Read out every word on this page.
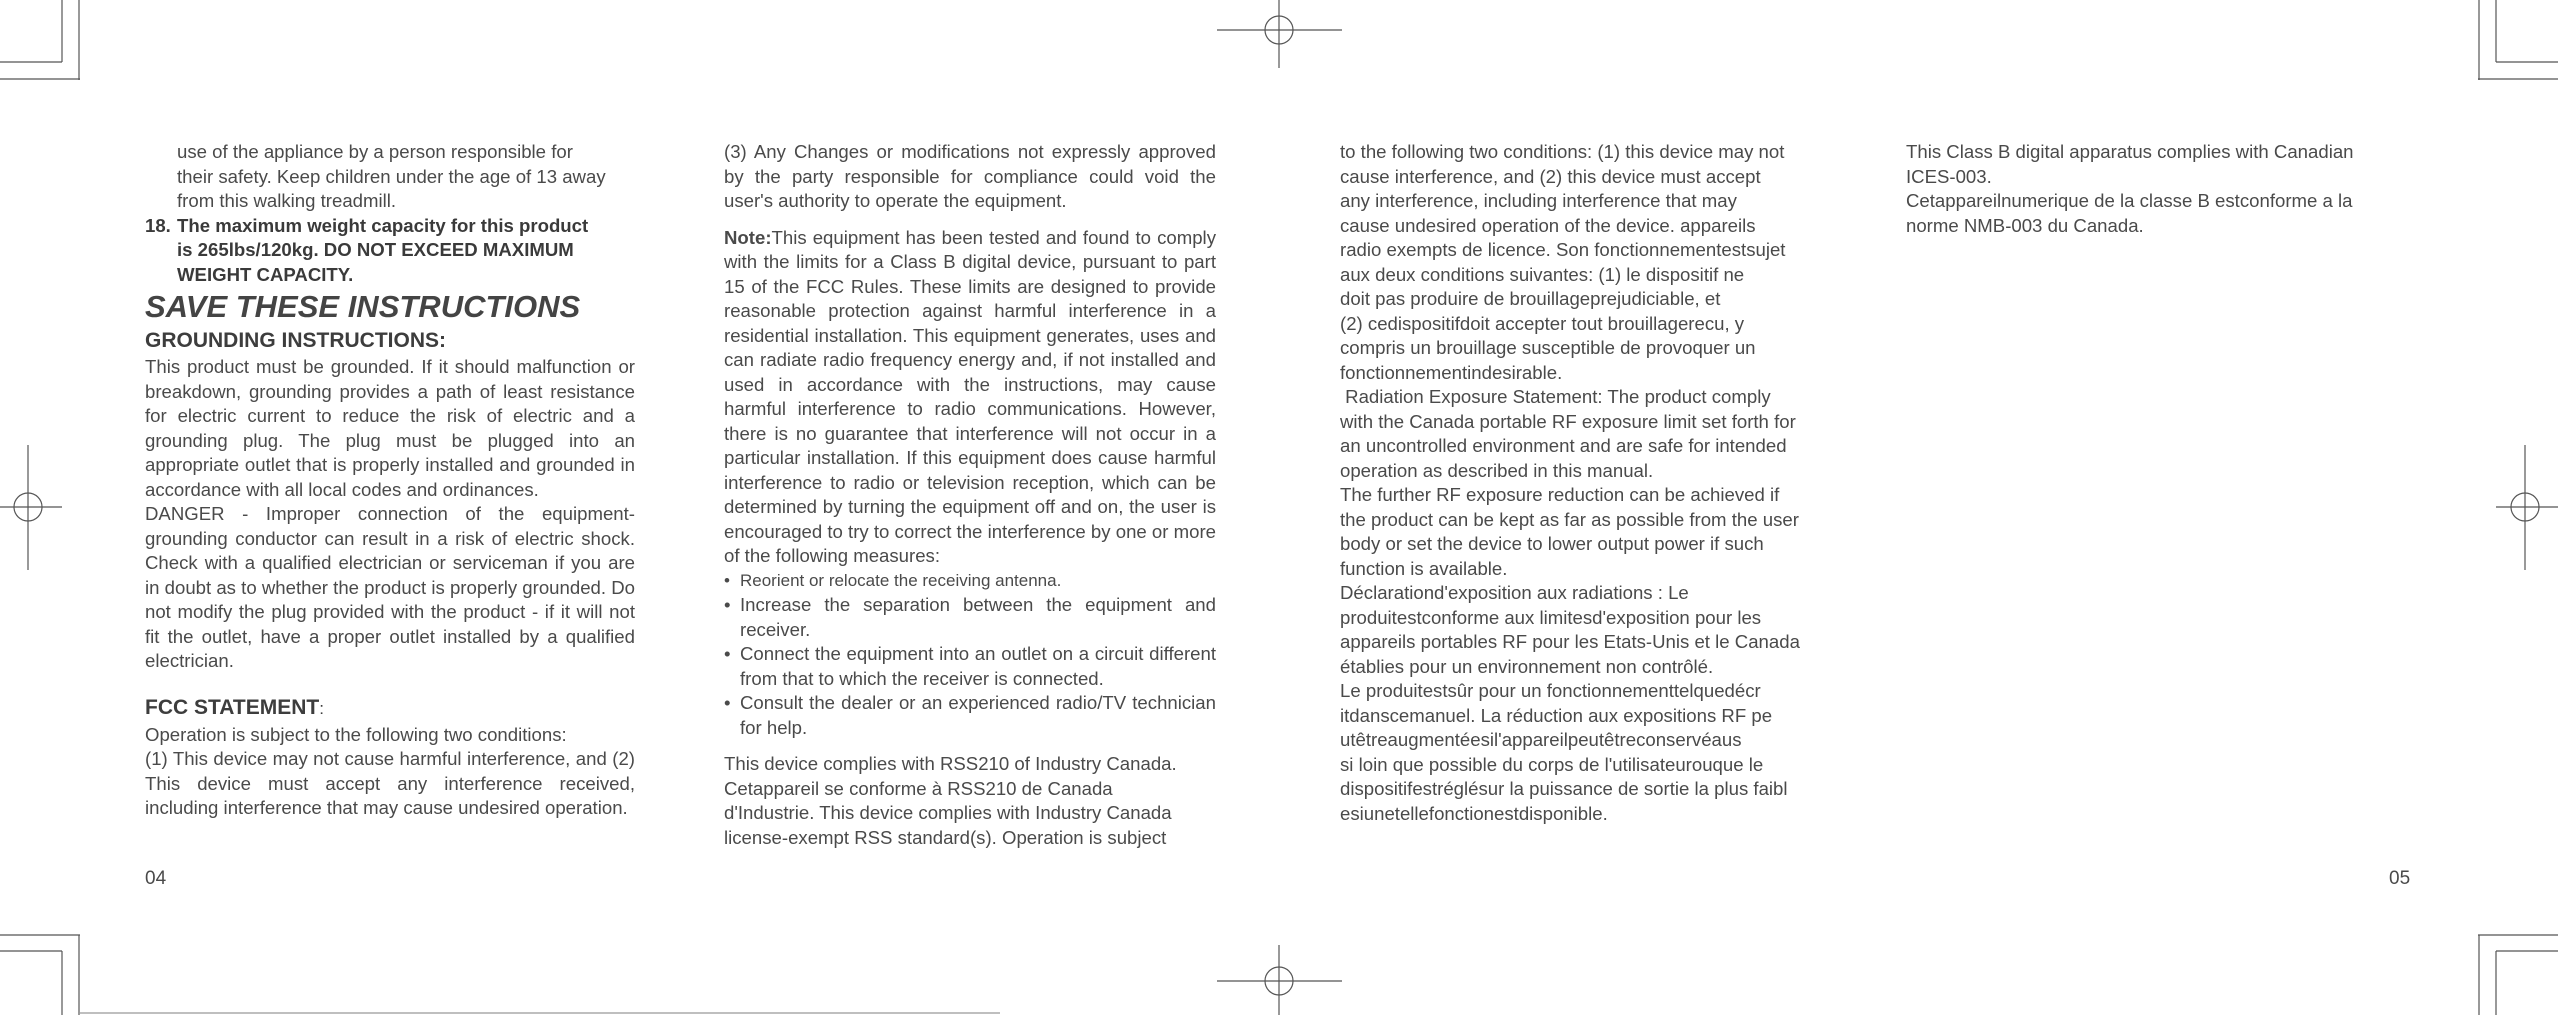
use of the appliance by a person responsible for

their safety. Keep children under the age of 13 away

from this walking treadmill.

18. The maximum weight capacity for this product
is 265lbs/120kg. DO NOT EXCEED MAXIMUM
WEIGHT CAPACITY.

SAVE THESE INSTRUCTIONS

GROUNDING INSTRUCTIONS:

This product must be grounded. If it should malfunction or breakdown, grounding provides a path of least resistance for electric current to reduce the risk of electric and a grounding plug. The plug must be plugged into an appropriate outlet that is properly installed and grounded in accordance with all local codes and ordinances.

DANGER - Improper connection of the equipment-grounding conductor can result in a risk of electric shock. Check with a qualified electrician or serviceman if you are in doubt as to whether the product is properly grounded. Do not modify the plug provided with the product - if it will not fit the outlet, have a proper outlet installed by a qualified electrician.

FCC STATEMENT:

Operation is subject to the following two conditions:

(1) This device may not cause harmful interference, and (2) This device must accept any interference received, including interference that may cause undesired operation.

(3) Any Changes or modifications not expressly approved by the party responsible for compliance could void the user's authority to operate the equipment.

Note:This equipment has been tested and found to comply with the limits for a Class B digital device, pursuant to part 15 of the FCC Rules. These limits are designed to provide reasonable protection against harmful interference in a residential installation. This equipment generates, uses and can radiate radio frequency energy and, if not installed and used in accordance with the instructions, may cause harmful interference to radio communications. However, there is no guarantee that interference will not occur in a particular installation. If this equipment does cause harmful interference to radio or television reception, which can be determined by turning the equipment off and on, the user is encouraged to try to correct the interference by one or more of the following measures:

• Reorient or relocate the receiving antenna.
• Increase the separation between the equipment and receiver.
• Connect the equipment into an outlet on a circuit different from that to which the receiver is connected.
• Consult the dealer or an experienced radio/TV technician for help.

This device complies with RSS210 of Industry Canada.

Cetappareil se conforme à RSS210 de Canada

d'Industrie. This device complies with Industry Canada

license-exempt RSS standard(s). Operation is subject

to the following two conditions: (1) this device may not

cause interference, and (2) this device must accept

any interference, including interference that may

cause undesired operation of the device. appareils

radio exempts de licence. Son fonctionnementestsujet

aux deux conditions suivantes: (1) le dispositif ne

doit pas produire de brouillageprejudiciable, et

(2) cedispositifdoit accepter tout brouillagerecu, y

compris un brouillage susceptible de provoquer un

fonctionnementindesirable.

Radiation Exposure Statement: The product comply

with the Canada portable RF exposure limit set forth for

an uncontrolled environment and are safe for intended

operation as described in this manual.

The further RF exposure reduction can be achieved if

the product can be kept as far as possible from the user

body or set the device to lower output power if such

function is available.

Déclarationd'exposition aux radiations : Le

produitestconforme aux limitesd'exposition pour les

appareils portables RF pour les Etats-Unis et le Canada

établies pour un environnement non contrôlé.

Le produitestsûr pour un fonctionnementtelquedécr

itdanscemanuel. La réduction aux expositions RF pe

utêtreaugmentéesil'appareilpeutêtreconservéaus

si loin que possible du corps de l'utilisateurouque le

dispositifestréglésur la puissance de sortie la plus faibl

esiunetellefonctionestdisponible.

This Class B digital apparatus complies with Canadian

ICES-003.

Cetappareilnumerique de la classe B estconforme a la

norme NMB-003 du Canada.

04	05
